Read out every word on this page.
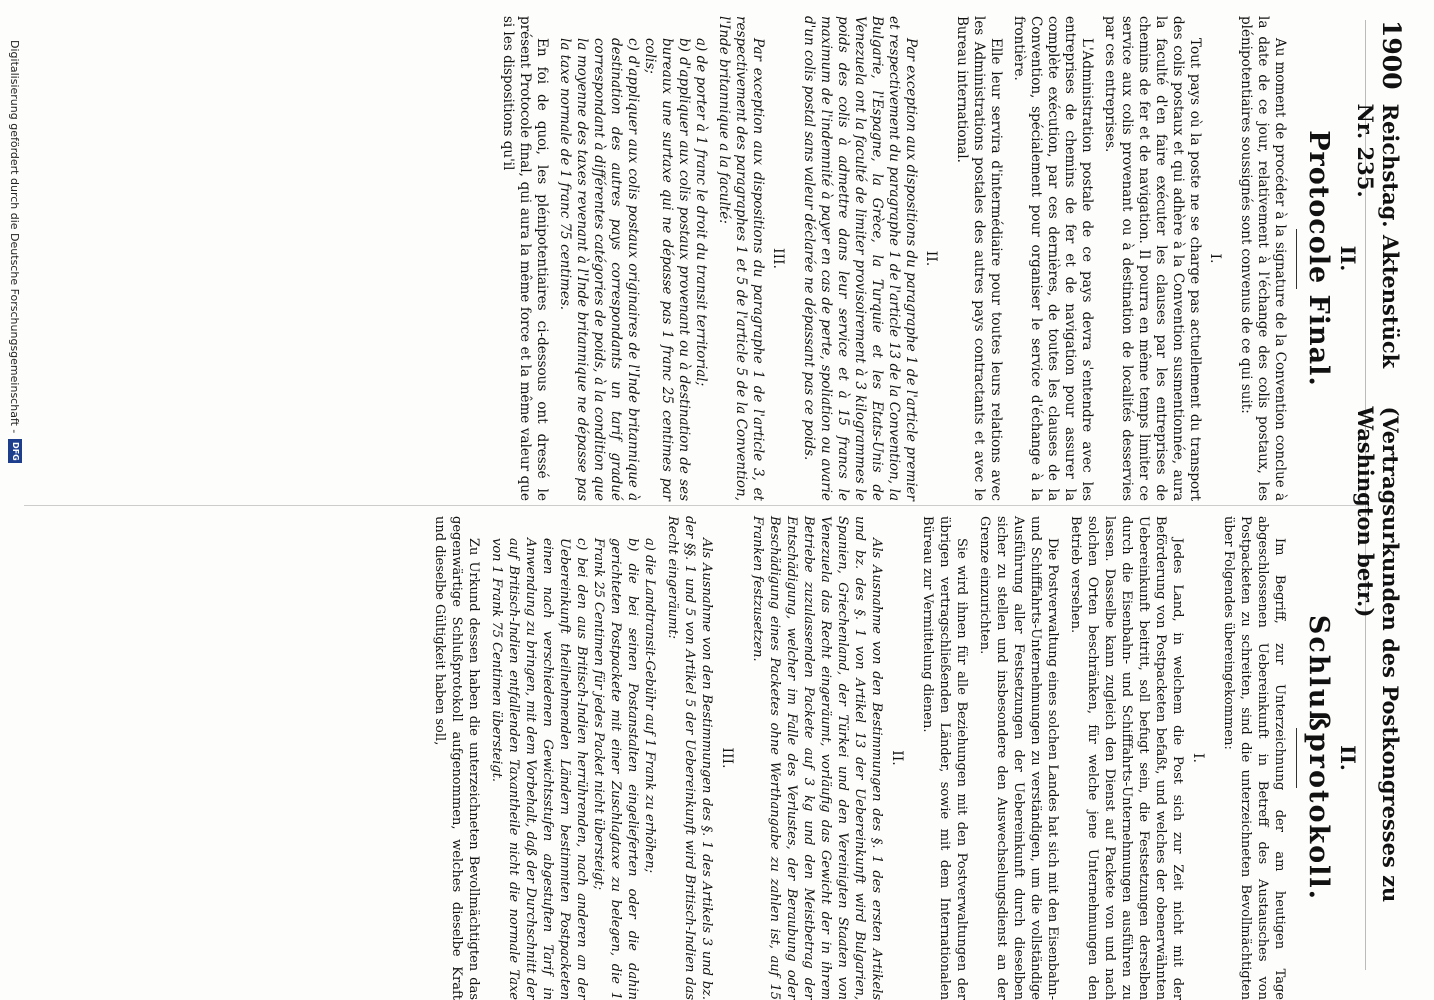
1900
Reichstag. Aktenstück Nr. 235.
(Vertragsurkunden des Postkongresses zu Washington betr.)
II.
Protocole Final.

Au moment de procéder à la signature de la Convention conclue à la date de ce jour, relativement à l'échange des colis postaux, les plénipotentiaires soussignés sont convenus de ce qui suit:

I.

Tout pays où la poste ne se charge pas actuellement du transport des colis postaux et qui adhère à la Convention susmentionnée, aura la faculté d'en faire exécuter les clauses par les entreprises de chemins de fer et de navigation. Il pourra en même temps limiter ce service aux colis provenant ou à destination de localités desservies par ces entreprises.

L'Administration postale de ce pays devra s'entendre avec les entreprises de chemins de fer et de navigation pour assurer la complète exécution, par ces dernières, de toutes les clauses de la Convention, spécialement pour organiser le service d'échange à la frontière.

Elle leur servira d'intermédiaire pour toutes leurs relations avec les Administrations postales des autres pays contractants et avec le Bureau international.

II.

Par exception aux dispositions du paragraphe 1 de l'article premier et respectivement du paragraphe 1 de l'article 13 de la Convention, la Bulgarie, l'Espagne, la Grèce, la Turquie et les Etats-Unis de Venezuela ont la faculté de limiter provisoirement à 3 kilogrammes le poids des colis à admettre dans leur service et à 15 francs le maximum de l'indemnité à payer en cas de perte, spoliation ou avarie d'un colis postal sans valeur déclarée ne dépassant pas ce poids.

III.

Par exception aux dispositions du paragraphe 1 de l'article 3, et respectivement des paragraphes 1 et 5 de l'article 5 de la Convention, l'Inde britannique a la faculté:

a) de porter à 1 franc le droit du transit territorial;
b) d'appliquer aux colis postaux provenant ou à destination de ses bureaux une surtaxe qui ne dépasse pas 1 franc 25 centimes par colis;
c) d'appliquer aux colis postaux originaires de l'Inde britannique à destination des autres pays correspondants un tarif gradué correspondant à différentes catégories de poids, à la condition que la moyenne des taxes revenant à l'Inde britannique ne dépasse pas la taxe normale de 1 franc 75 centimes.

En foi de quoi, les plénipotentiaires ci-dessous ont dressé le présent Protocole final, qui aura la même force et la même valeur que si les dispositions qu'il

II.
Schlußprotokoll.

Im Begriff, zur Unterzeichnung der am heutigen Tage abgeschlossenen Uebereinkunft in Betreff des Austausches von Postpacketen zu schreiten, sind die unterzeichneten Bevollmächtigten über Folgendes übereingekommen:

I.

Jedes Land, in welchem die Post sich zur Zeit nicht mit der Beförderung von Postpacketen befaßt, und welches der obenerwähnten Uebereinkunft beitritt, soll befugt sein, die Festsetzungen derselben durch die Eisenbahn- und Schifffahrts-Unternehmungen ausführen zu lassen. Dasselbe kann zugleich den Dienst auf Packete von und nach solchen Orten beschränken, für welche jene Unternehmungen den Betrieb versehen.

Die Postverwaltung eines solchen Landes hat sich mit den Eisenbahn- und Schifffahrts-Unternehmungen zu verständigen, um die vollständige Ausführung aller Festsetzungen der Uebereinkunft durch dieselben sicher zu stellen und insbesondere den Auswechselungsdienst an der Grenze einzurichten.

Sie wird ihnen für alle Beziehungen mit den Postverwaltungen der übrigen vertragschließenden Länder, sowie mit dem Internationalen Büreau zur Vermittelung dienen.

II.

Als Ausnahme von den Bestimmungen des §. 1 des ersten Artikels und bz. des §. 1 von Artikel 13 der Uebereinkunft wird Bulgarien, Spanien, Griechenland, der Türkei und den Vereinigten Staaten von Venezuela das Recht eingeräumt, vorläufig das Gewicht der in ihrem Betriebe zuzulassenden Packete auf 3 kg und den Meistbetrag der Entschädigung, welcher im Falle des Verlustes, der Beraubung oder Beschädigung eines Packetes ohne Werthangabe zu zahlen ist, auf 15 Franken festzusetzen.

III.

Als Ausnahme von den Bestimmungen des §. 1 des Artikels 3 und bz. der §§. 1 und 5 von Artikel 5 der Uebereinkunft wird Britisch-Indien das Recht eingeräumt:

a) die Landtransit-Gebühr auf 1 Frank zu erhöhen;
b) die bei seinen Postanstalten eingelieferten oder die dahin gerichteten Postpackete mit einer Zuschlagtaxe zu belegen, die 1 Frank 25 Centimen für jedes Packet nicht übersteigt;
c) bei den aus Britisch-Indien herrührenden, nach anderen an der Uebereinkunft theilnehmenden Ländern bestimmten Postpacketen einen nach verschiedenen Gewichtsstufen abgestuften Tarif in Anwendung zu bringen, mit dem Vorbehalt, daß der Durchschnitt der auf Britisch-Indien entfallenden Taxantheile nicht die normale Taxe von 1 Frank 75 Centimen übersteigt.

Zu Urkund dessen haben die unterzeichneten Bevollmächtigten das gegenwärtige Schlußprotokoll aufgenommen, welches dieselbe Kraft und dieselbe Gültigkeit haben soll,

Digitalisierung gefördert durch die Deutsche Forschungsgemeinschaft -
DFG
